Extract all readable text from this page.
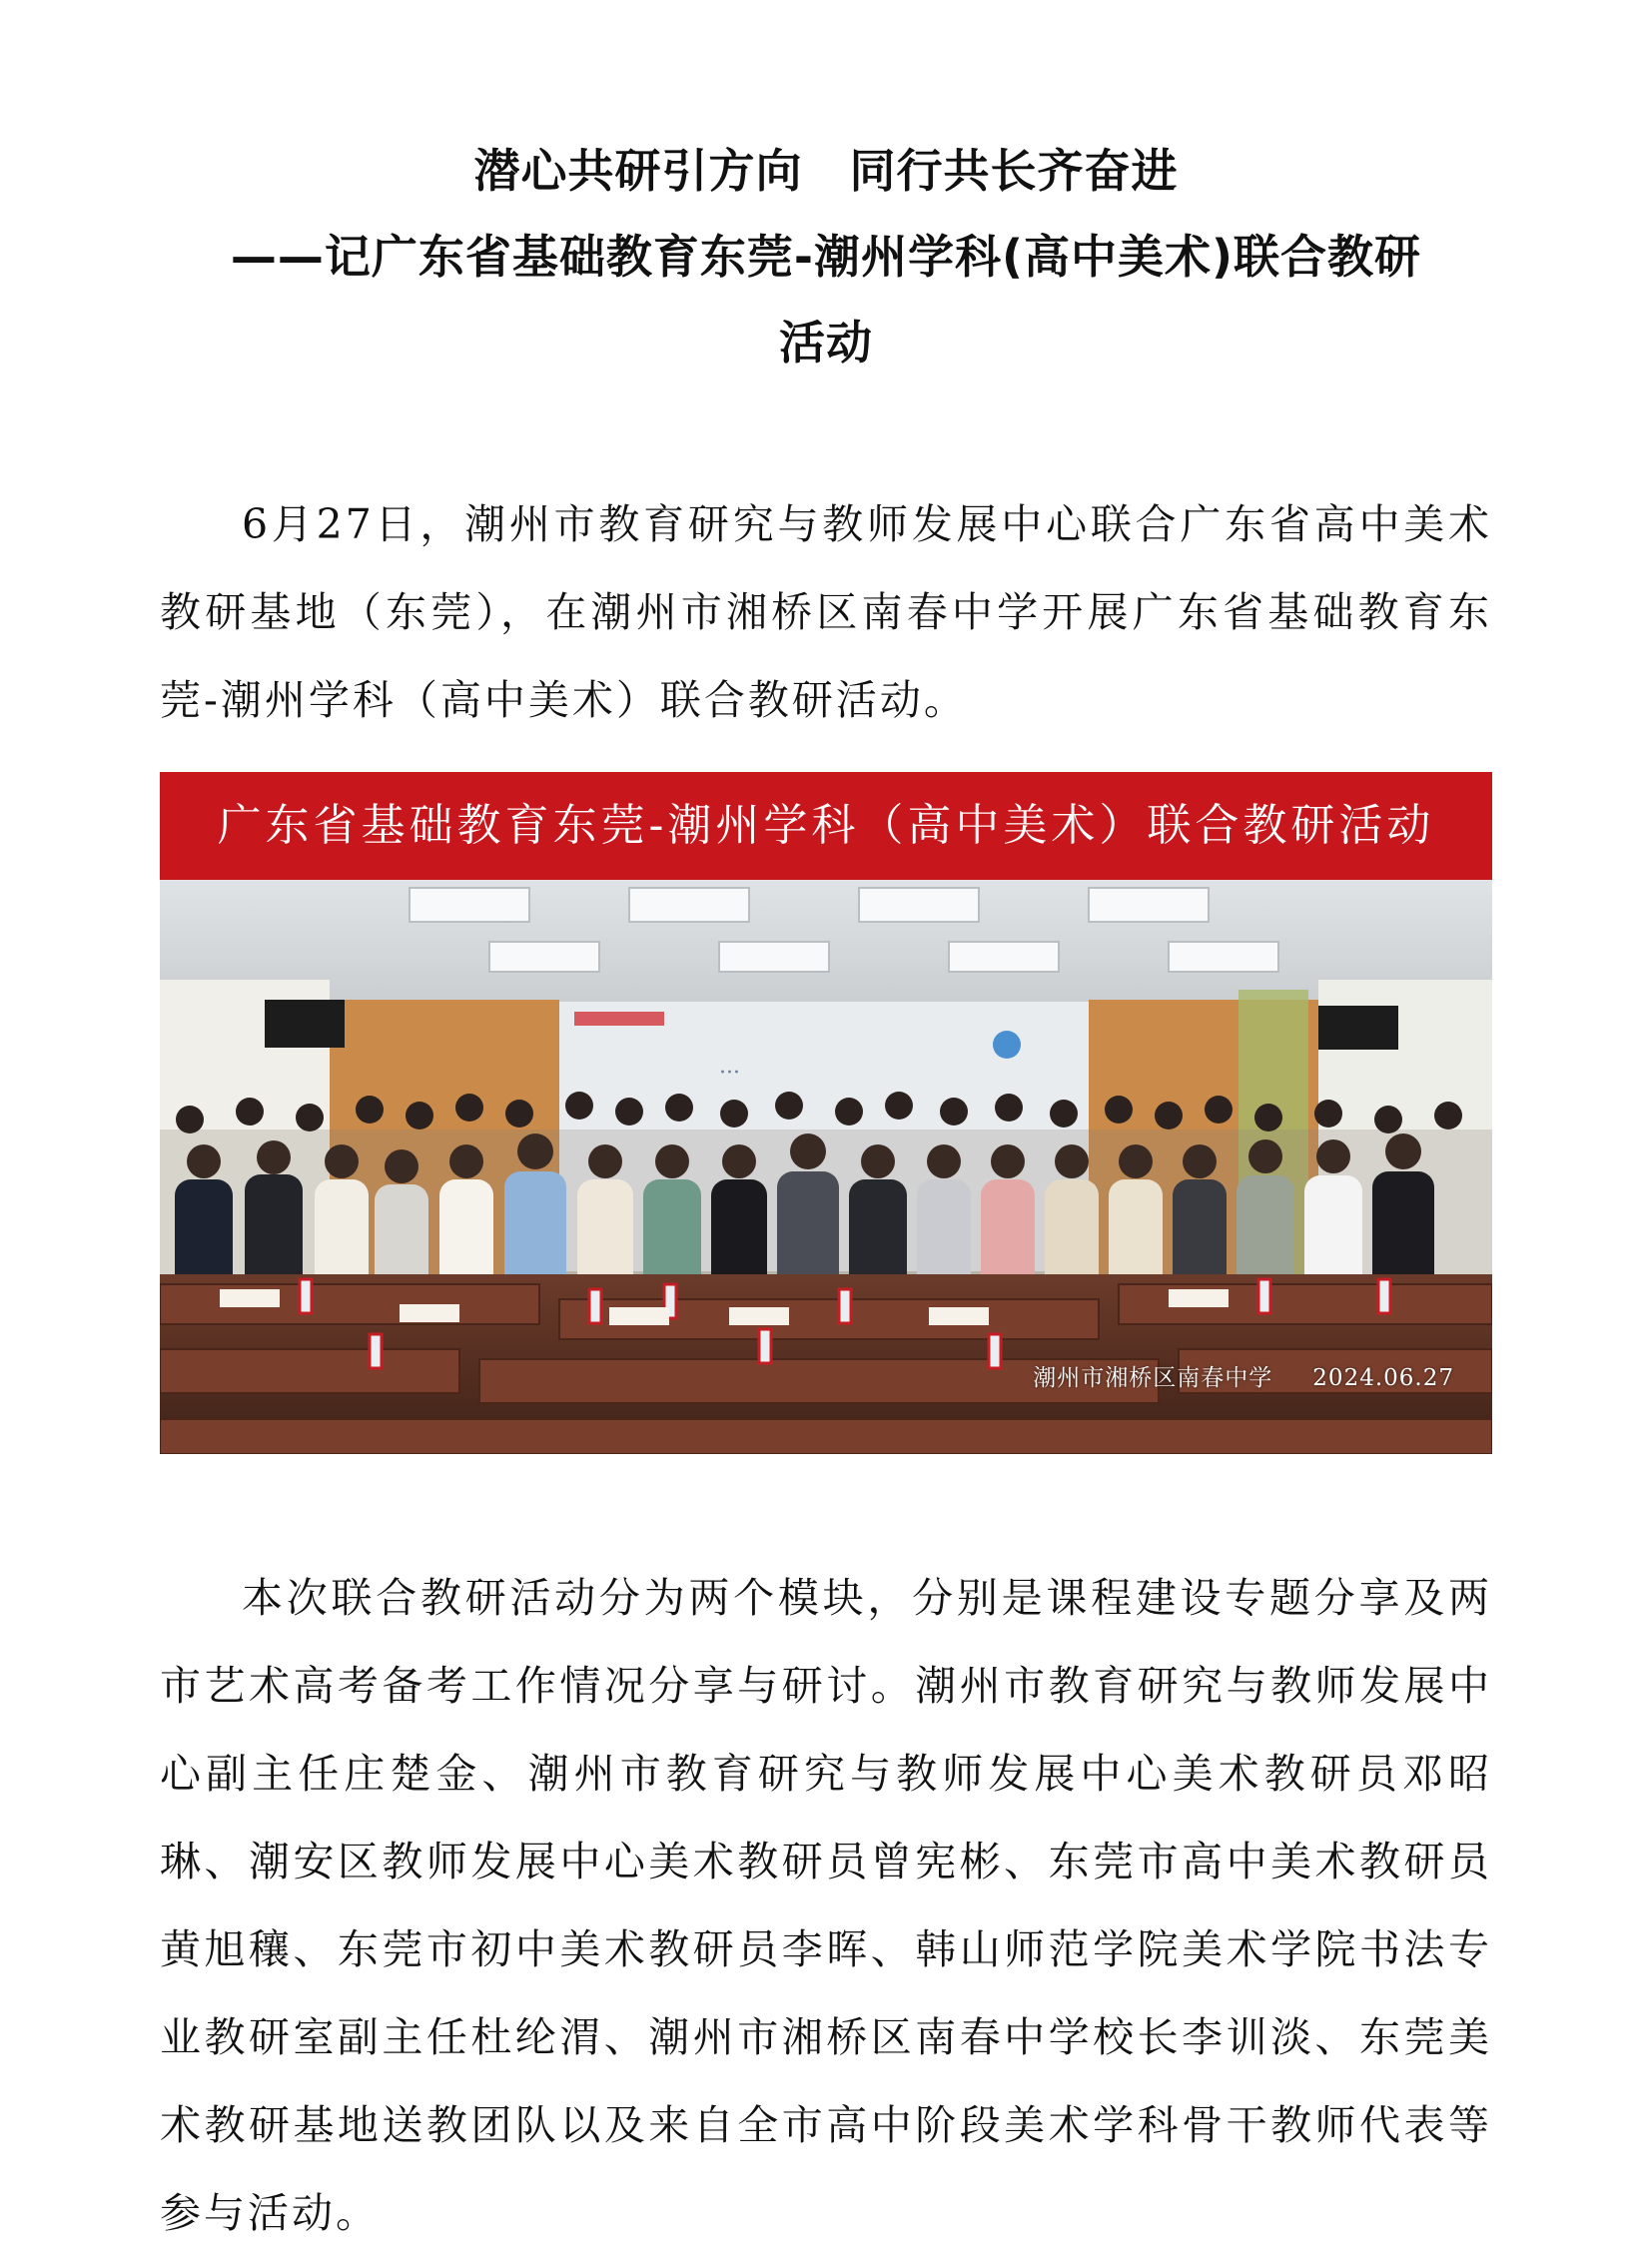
潜心共研引方向　同行共长齐奋进
——记广东省基础教育东莞-潮州学科(高中美术)联合教研
活动

6月27日，潮州市教育研究与教师发展中心联合广东省高中美术教研基地（东莞），在潮州市湘桥区南春中学开展广东省基础教育东莞-潮州学科（高中美术）联合教研活动。

广东省基础教育东莞-潮州学科（高中美术）联合教研活动
···
潮州市湘桥区南春中学 2024.06.27

本次联合教研活动分为两个模块，分别是课程建设专题分享及两市艺术高考备考工作情况分享与研讨。潮州市教育研究与教师发展中心副主任庄楚金、潮州市教育研究与教师发展中心美术教研员邓昭琳、潮安区教师发展中心美术教研员曾宪彬、东莞市高中美术教研员黄旭穰、东莞市初中美术教研员李晖、韩山师范学院美术学院书法专业教研室副主任杜纶渭、潮州市湘桥区南春中学校长李训淡、东莞美术教研基地送教团队以及来自全市高中阶段美术学科骨干教师代表等参与活动。
